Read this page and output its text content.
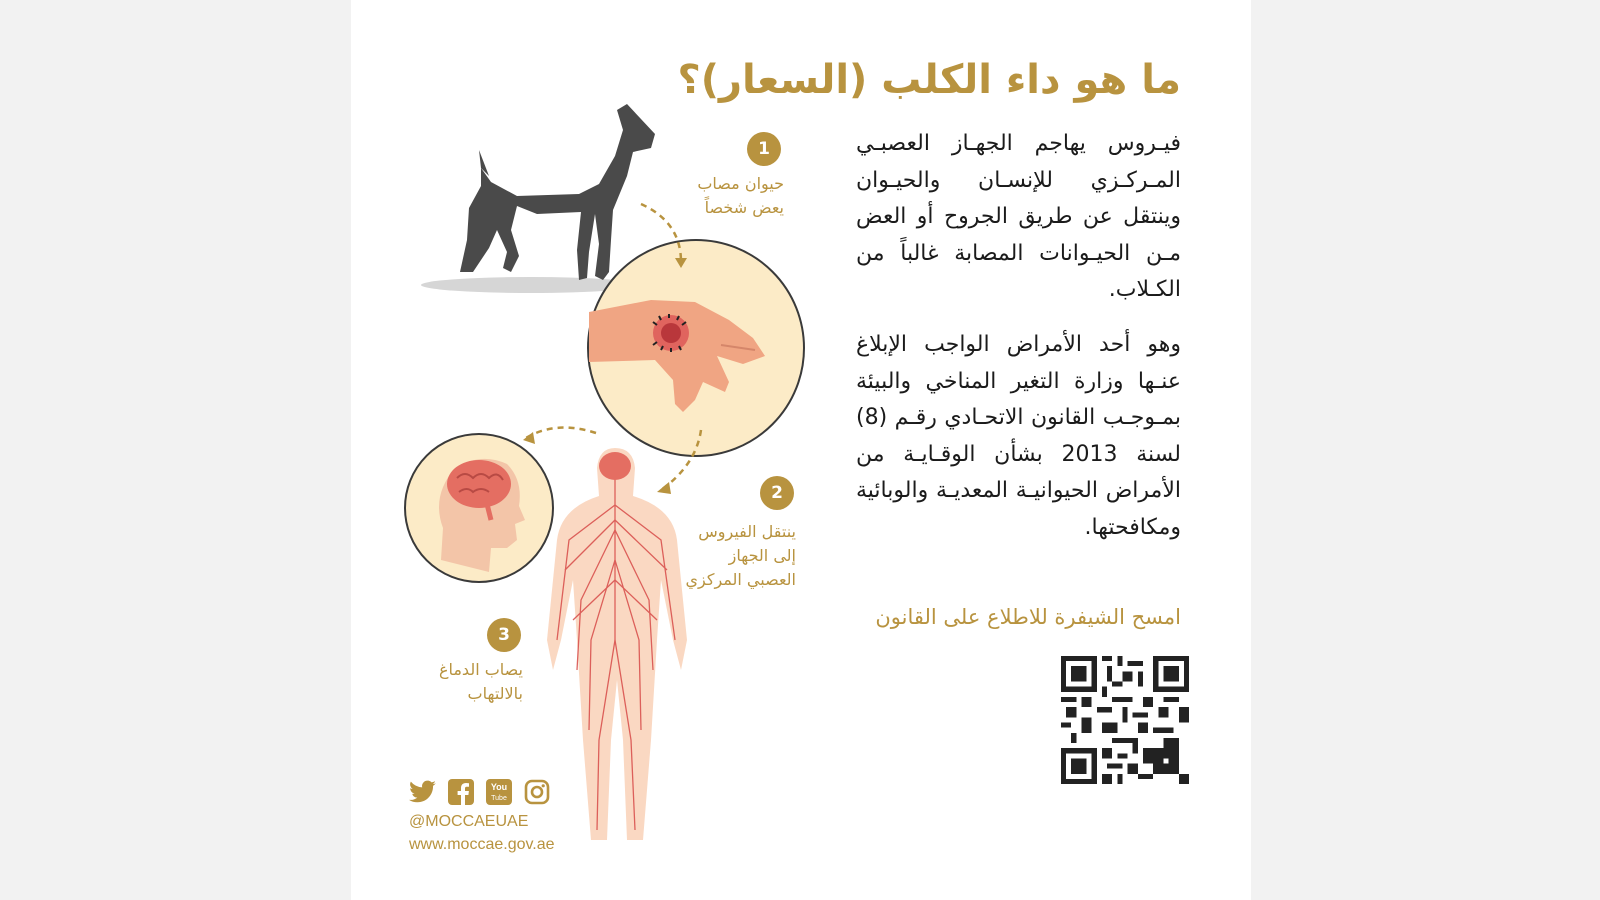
ما هو داء الكلب (السعار)؟

فيـروس يهاجم الجهـاز العصبـي المـركـزي للإنسـان والحيـوان وينتقل عن طريق الجروح أو العض مـن الحيـوانات المصابة غالباً من الكـلاب.

وهو أحد الأمراض الواجب الإبلاغ عنـها وزارة التغير المناخي والبيئة بمـوجـب القانون الاتحـادي رقـم (8) لسنة 2013 بشأن الوقـايـة من الأمراض الحيوانيـة المعديـة والوبائية ومكافحتها.

امسح الشيفرة للاطلاع على القانون

1

حيوان مصاب
يعض شخصاً

2

ينتقل الفيروس
إلى الجهاز
العصبي المركزي

3

يصاب الدماغ
بالالتهاب

You
Tube

@MOCCAEUAE

www.moccae.gov.ae
